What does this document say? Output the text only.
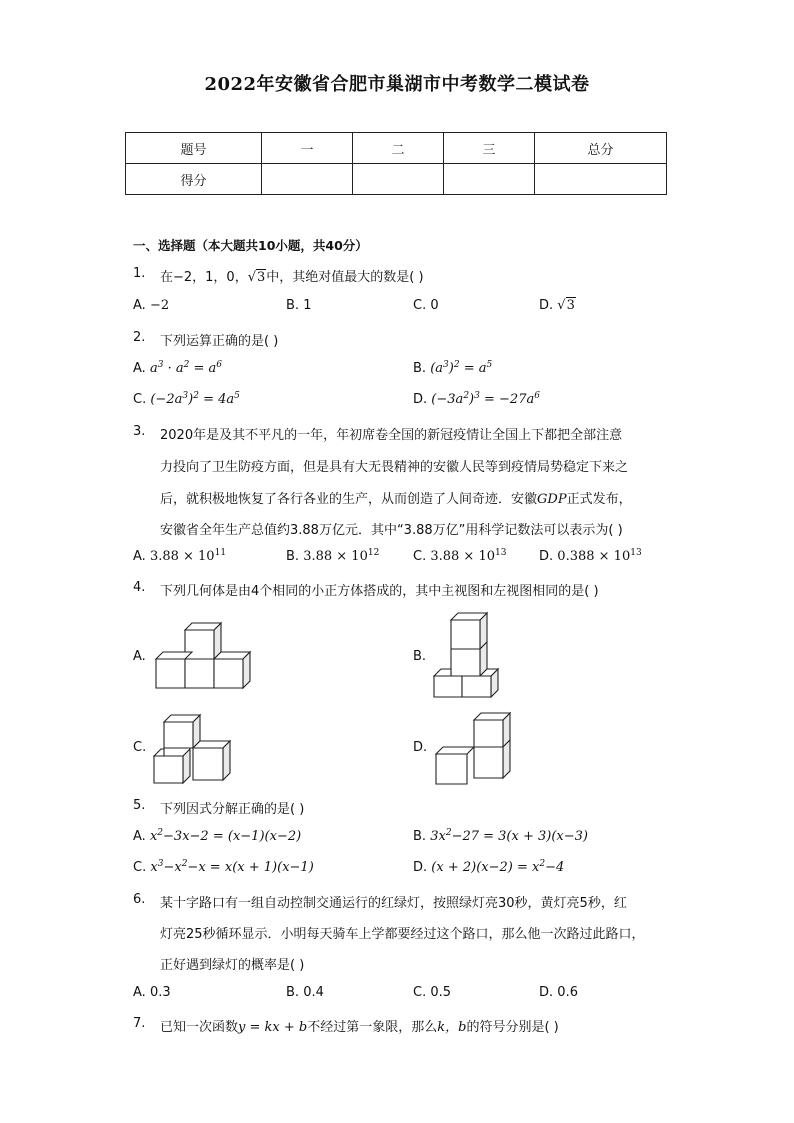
2022年安徽省合肥市巢湖市中考数学二模试卷
题号	一	二	三	总分
得分				
一、选择题（本大题共10小题，共40分）
1. 在−2，1，0，√3中，其绝对值最大的数是( )
A. −2	B. 1	C. 0	D. √3
2. 下列运算正确的是( )
A. $a^3 \cdot a^2 = a^6$	B. $(a^3)^2 = a^5$
C. $(-2a^3)^2 = 4a^5$	D. $(-3a^2)^3 = -27a^6$
3. 2020年是及其不平凡的一年，年初席卷全国的新冠疫情让全国上下都把全部注意
力投向了卫生防疫方面，但是具有大无畏精神的安徽人民等到疫情局势稳定下来之
后，就积极地恢复了各行各业的生产，从而创造了人间奇迹．安徽GDP正式发布，
安徽省全年生产总值约3.88万亿元．其中“3.88万亿”用科学记数法可以表示为( )
A. $3.88 \times 10^{11}$	B. $3.88 \times 10^{12}$	C. $3.88 \times 10^{13}$	D. $0.388 \times 10^{13}$
4. 下列几何体是由4个相同的小正方体搭成的，其中主视图和左视图相同的是( )
A.	B.
C.	D.
5. 下列因式分解正确的是( )
A. $x^2-3x-2 = (x-1)(x-2)$	B. $3x^2-27 = 3(x + 3)(x-3)$
C. $x^3-x^2-x = x(x + 1)(x-1)$	D. $(x + 2)(x-2) = x^2-4$
6. 某十字路口有一组自动控制交通运行的红绿灯，按照绿灯亮30秒，黄灯亮5秒，红
灯亮25秒循环显示．小明每天骑车上学都要经过这个路口，那么他一次路过此路口，
正好遇到绿灯的概率是( )
A. 0.3	B. 0.4	C. 0.5	D. 0.6
7. 已知一次函数y = kx + b不经过第一象限，那么k，b的符号分别是( )
